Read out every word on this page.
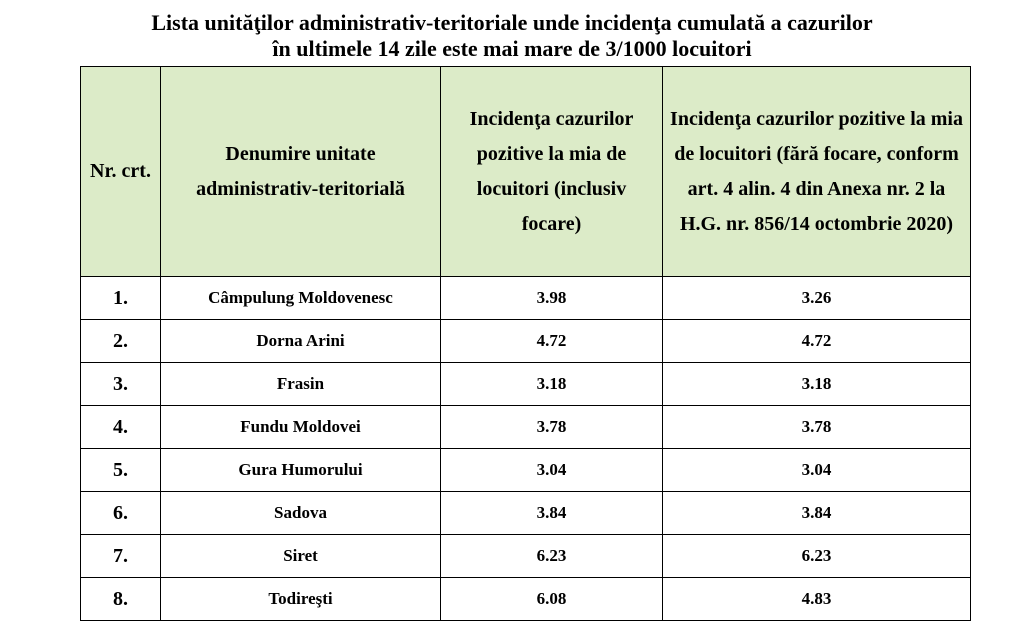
Lista unităţilor administrativ-teritoriale unde incidenţa cumulată a cazurilor
în ultimele 14 zile este mai mare de 3/1000 locuitori
Nr. crt.	Denumire unitate administrativ-teritorială	Incidenţa cazurilor pozitive la mia de locuitori (inclusiv focare)	Incidenţa cazurilor pozitive la mia de locuitori (fără focare, conform art. 4 alin. 4 din Anexa nr. 2 la H.G. nr. 856/14 octombrie 2020)

1.	Câmpulung Moldovenesc	3.98	3.26
2.	Dorna Arini	4.72	4.72
3.	Frasin	3.18	3.18
4.	Fundu Moldovei	3.78	3.78
5.	Gura Humorului	3.04	3.04
6.	Sadova	3.84	3.84
7.	Siret	6.23	6.23
8.	Todireşti	6.08	4.83
